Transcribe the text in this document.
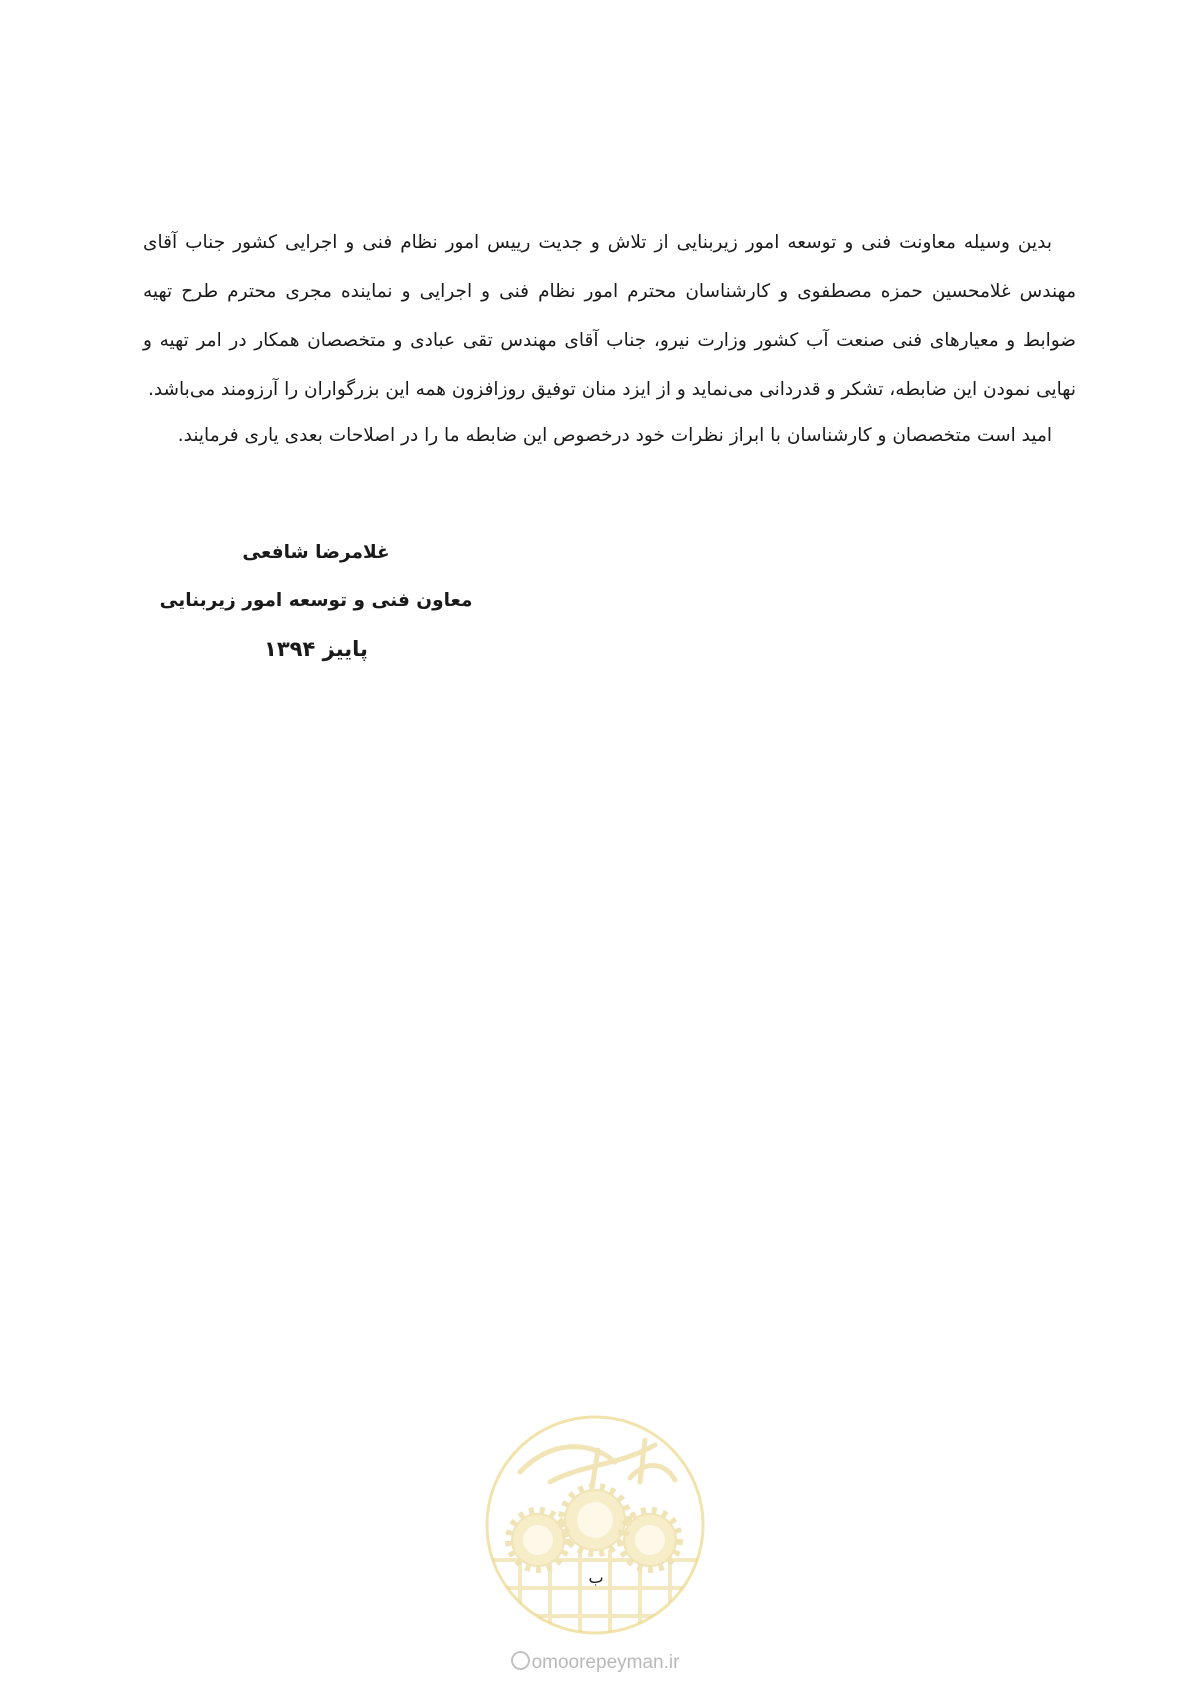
بدین وسیله معاونت فنی و توسعه امور زیربنایی از تلاش و جدیت رییس امور نظام فنی و اجرایی کشور جناب آقای مهندس غلامحسین حمزه مصطفوی و کارشناسان محترم امور نظام فنی و اجرایی و نماینده مجری محترم طرح تهیه ضوابط و معیارهای فنی صنعت آب کشور وزارت نیرو، جناب آقای مهندس تقی عبادی و متخصصان همکار در امر تهیه و نهایی نمودن این ضابطه، تشکر و قدردانی می‌نماید و از ایزد منان توفیق روزافزون همه این بزرگواران را آرزومند می‌باشد.

امید است متخصصان و کارشناسان با ابراز نظرات خود درخصوص این ضابطه ما را در اصلاحات بعدی یاری فرمایند.

غلامرضا شافعی
معاون فنی و توسعه امور زیربنایی
پاییز ۱۳۹۴
ب
omoorepeyman.ir
